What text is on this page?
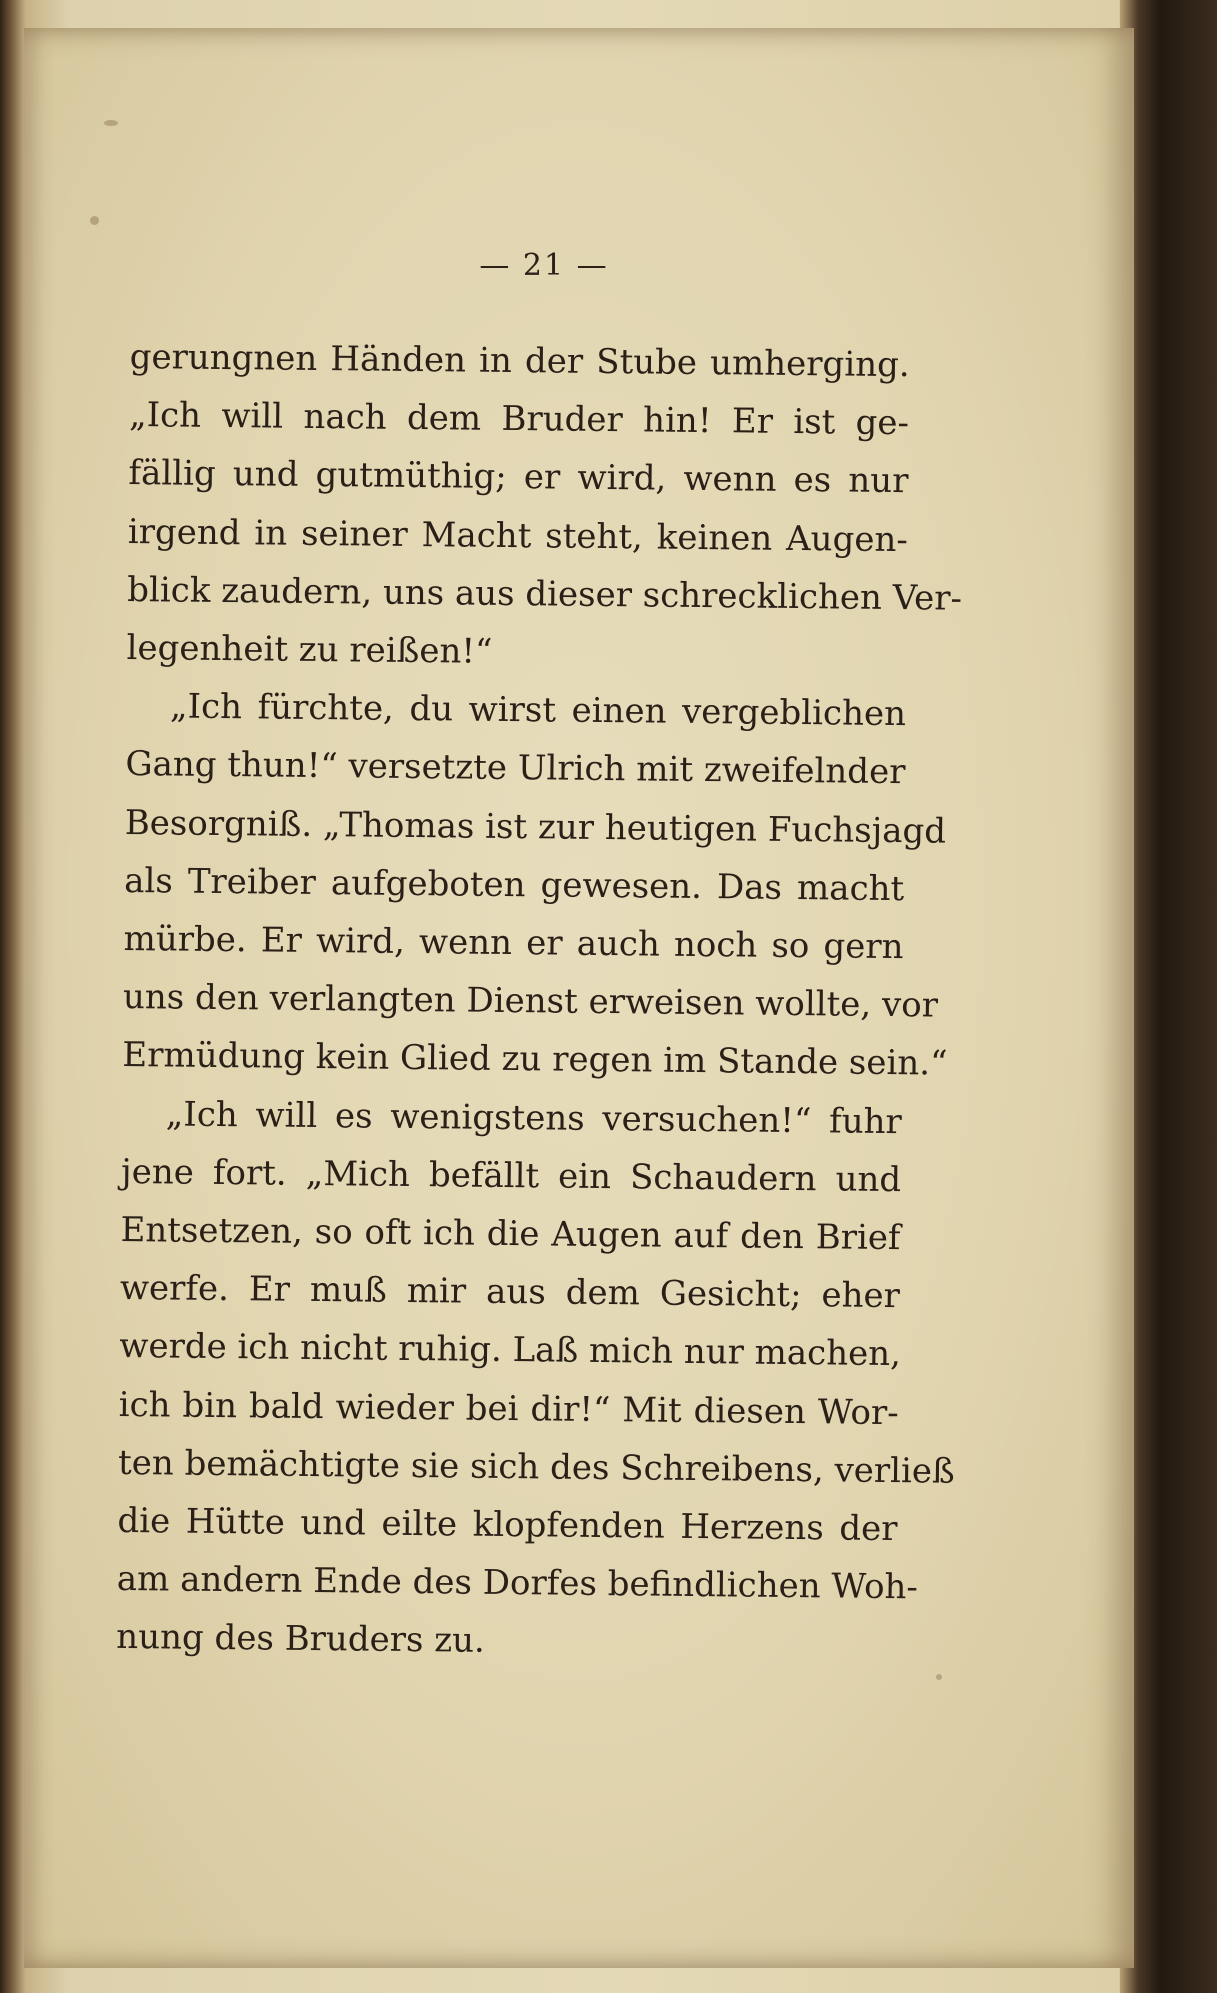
— 21 —
gerungnen Händen in der Stube umherging.
„Ich will nach dem Bruder hin! Er ist ge-
fällig und gutmüthig; er wird, wenn es nur
irgend in seiner Macht steht, keinen Augen-
blick zaudern, uns aus dieser schrecklichen Ver-
legenheit zu reißen!“
„Ich fürchte, du wirst einen vergeblichen
Gang thun!“ versetzte Ulrich mit zweifelnder
Besorgniß. „Thomas ist zur heutigen Fuchsjagd
als Treiber aufgeboten gewesen. Das macht
mürbe. Er wird, wenn er auch noch so gern
uns den verlangten Dienst erweisen wollte, vor
Ermüdung kein Glied zu regen im Stande sein.“
„Ich will es wenigstens versuchen!“ fuhr
jene fort. „Mich befällt ein Schaudern und
Entsetzen, so oft ich die Augen auf den Brief
werfe. Er muß mir aus dem Gesicht; eher
werde ich nicht ruhig. Laß mich nur machen,
ich bin bald wieder bei dir!“ Mit diesen Wor-
ten bemächtigte sie sich des Schreibens, verließ
die Hütte und eilte klopfenden Herzens der
am andern Ende des Dorfes befindlichen Woh-
nung des Bruders zu.
